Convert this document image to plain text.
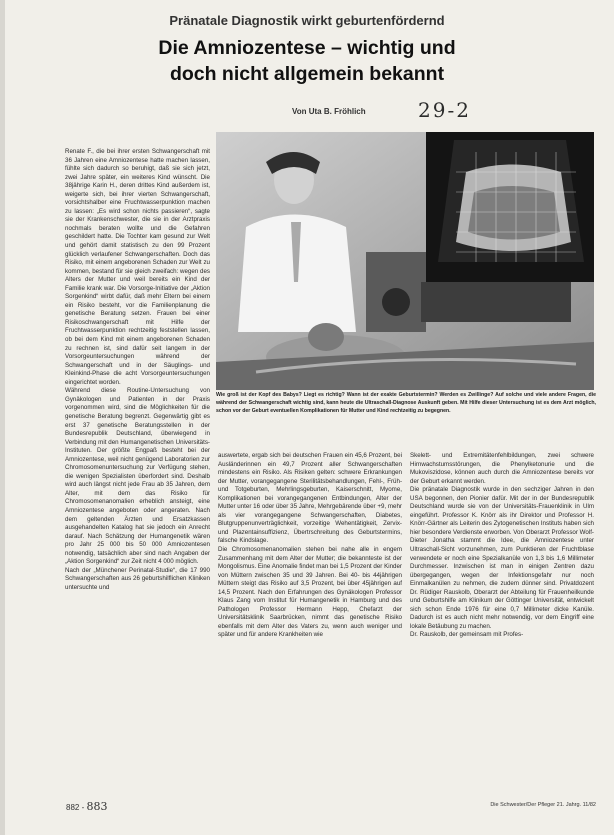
Pränatale Diagnostik wirkt geburtenfördernd
Die Amniozentese – wichtig und
doch nicht allgemein bekannt
Von Uta B. Fröhlich	29-2

Wie groß ist der Kopf des Babys? Liegt es richtig? Wann ist der exakte Geburtstermin? Werden es Zwillinge? Auf solche und viele andere Fragen, die während der Schwangerschaft wichtig sind, kann heute die Ultraschall-Diagnose Auskunft geben. Mit Hilfe dieser Untersuchung ist es dem Arzt möglich, schon vor der Geburt eventuellen Komplikationen für Mutter und Kind rechtzeitig zu begegnen.

Renate F., die bei ihrer ersten Schwangerschaft mit 36 Jahren eine Amniozentese hatte machen lassen, fühlte sich dadurch so beruhigt, daß sie sich jetzt, zwei Jahre später, ein weiteres Kind wünscht. Die 38jährige Karin H., deren drittes Kind außerdem ist, weigerte sich, bei ihrer vierten Schwangerschaft, vorsichtshalber eine Fruchtwasserpunktion machen zu lassen: „Es wird schon nichts passieren“, sagte sie der Krankenschwester, die sie in der Arztpraxis nochmals beraten wollte und die Gefahren geschildert hatte. Die Tochter kam gesund zur Welt und gehört damit statistisch zu den 99 Prozent glücklich verlaufener Schwangerschaften. Doch das Risiko, mit einem angeborenen Schaden zur Welt zu kommen, bestand für sie gleich zweifach: wegen des Alters der Mutter und weil bereits ein Kind der Familie krank war. Die Vorsorge-Initiative der „Aktion Sorgenkind“ wirbt dafür, daß mehr Eltern bei einem ein Risiko besteht, vor die Familienplanung die genetische Beratung setzen. Frauen bei einer Risikoschwangerschaft mit Hilfe der Fruchtwasserpunktion rechtzeitig feststellen lassen, ob bei dem Kind mit einem angeborenen Schaden zu rechnen ist, sind dafür seit langem in der Vorsorgeuntersuchungen während der Schwangerschaft und in der Säuglings- und Kleinkind-Phase die acht Vorsorgeuntersuchungen eingerichtet worden.

Während diese Routine-Untersuchung von Gynäkologen und Patienten in der Praxis vorgenommen wird, sind die Möglichkeiten für die genetische Beratung begrenzt. Gegenwärtig gibt es erst 37 genetische Beratungsstellen in der Bundesrepublik Deutschland, überwiegend in Verbindung mit den Humangenetischen Universitäts-Instituten. Der größte Engpaß besteht bei der Amniozentese, weil nicht genügend Laboratorien zur Chromosomenuntersuchung zur Verfügung stehen, die wenigen Spezialisten überfordert sind. Deshalb wird auch längst nicht jede Frau ab 35 Jahren, dem Alter, mit dem das Risiko für Chromosomenanomalien erheblich ansteigt, eine Amniozentese angeboten oder angeraten. Nach dem geltenden Ärzten und Ersatzkassen ausgehandelten Katalog hat sie jedoch ein Anrecht darauf. Nach Schätzung der Humangenetik wären pro Jahr 25 000 bis 50 000 Amniozentesen notwendig, tatsächlich aber sind nach Angaben der „Aktion Sorgenkind“ zur Zeit nicht 4 000 möglich.

Nach der „Münchener Perinatal-Studie“, die 17 990 Schwangerschaften aus 26 geburtshilflichen Kliniken untersuchte und

auswertete, ergab sich bei deutschen Frauen ein 45,6 Prozent, bei Ausländerinnen ein 49,7 Prozent aller Schwangerschaften mindestens ein Risiko. Als Risiken gelten: schwere Erkrankungen der Mutter, vorangegangene Sterilitätsbehandlungen, Fehl-, Früh- und Totgeburten, Mehrlingsgeburten, Kaiserschnitt, Myome, Komplikationen bei vorangegangenen Entbindungen, Alter der Mutter unter 16 oder über 35 Jahre, Mehrgebärende über +9, mehr als vier vorangegangene Schwangerschaften, Diabetes, Blutgruppenunverträglichkeit, vorzeitige Wehentätigkeit, Zervix- und Plazentainsuffizienz, Übertrschreitung des Geburtstermins, falsche Kindslage.

Die Chromosomenanomalien stehen bei nahe alle in engem Zusammenhang mit dem Alter der Mutter; die bekannteste ist der Mongolismus. Eine Anomalie findet man bei 1,5 Prozent der Kinder von Müttern zwischen 35 und 39 Jahren. Bei 40- bis 44jährigen Müttern steigt das Risiko auf 3,5 Prozent, bei über 45jährigen auf 14,5 Prozent. Nach den Erfahrungen des Gynäkologen Professor Klaus Zang vom Institut für Humangenetik in Hamburg und des Pathologen Professor Hermann Hepp, Chefarzt der Universitätsklinik Saarbrücken, nimmt das genetische Risiko ebenfalls mit dem Alter des Vaters zu, wenn auch weniger und später und für andere Krankheiten wie

Skelett- und Extremitätenfehlbildungen, zwei schwere Hirnwachstumsstörungen, die Phenylketonurie und die Mukoviszidose, können auch durch die Amniozentese bereits vor der Geburt erkannt werden.

Die pränatale Diagnostik wurde in den sechziger Jahren in den USA begonnen, den Pionier dafür. Mit der in der Bundesrepublik Deutschland wurde sie von der Universitäts-Frauenklinik in Ulm eingeführt. Professor K. Knörr als ihr Direktor und Professor H. Knörr-Gärtner als Leiterin des Zytogenetischen Instituts haben sich hier besondere Verdienste erworben. Von Oberarzt Professor Wolf-Dieter Jonatha stammt die Idee, die Amniozentese unter Ultraschall-Sicht vorzunehmen, zum Punktieren der Fruchtblase verwendete er noch eine Spezialkanüle von 1,3 bis 1,6 Millimeter Durchmesser. Inzwischen ist man in einigen Zentren dazu übergegangen, wegen der Infektionsgefahr nur noch Einmalkanülen zu nehmen, die zudem dünner sind. Privatdozent Dr. Rüdiger Rauskolb, Oberarzt der Abteilung für Frauenheilkunde und Geburtshilfe am Klinikum der Göttinger Universität, entwickelt sich schon Ende 1976 für eine 0,7 Millimeter dicke Kanüle. Dadurch ist es auch nicht mehr notwendig, vor dem Eingriff eine lokale Betäubung zu machen.

Dr. Rauskolb, der gemeinsam mit Profes-

882 - 883	Die Schwester/Der Pfleger 21. Jahrg. 11/82
